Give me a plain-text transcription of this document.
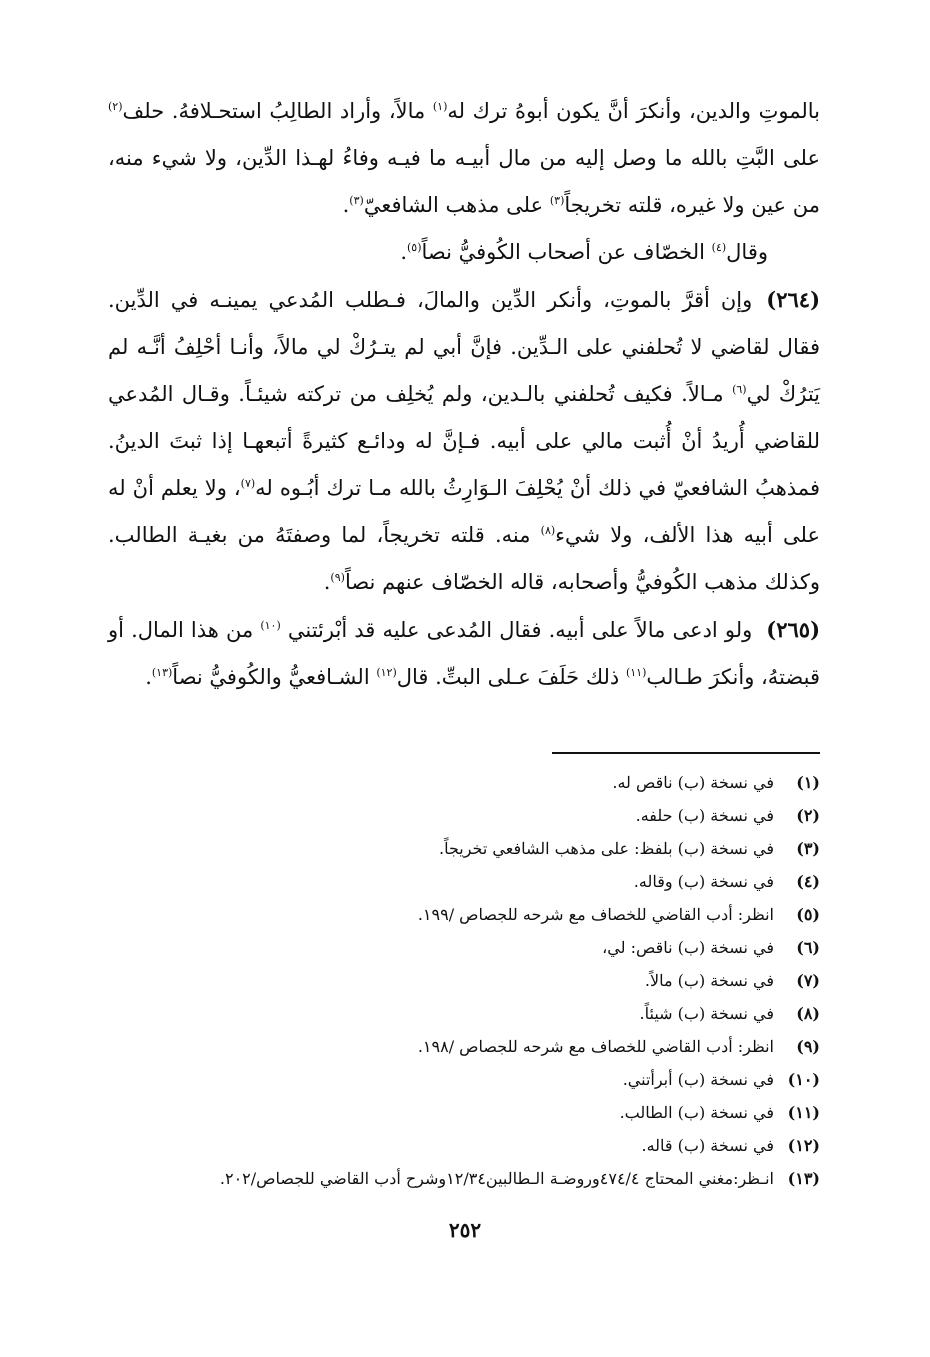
بالموتِ والدين، وأنكرَ أنَّ يكون أبوهُ ترك له$^{(١)}$ مالاً، وأراد الطالِبُ استحـلافهُ. حلف$^{(٢)}$ على البَّتِ بالله ما وصل إليه من مال أبيـه ما فيـه وفاءُ لهـذا الدِّين، ولا شيء منه، من عين ولا غيره، قلته تخريجاً$^{(٣)}$ على مذهب الشافعيّ$^{(٣)}$.

وقال$^{(٤)}$ الخصّاف عن أصحاب الكُوفيُّ نصاً$^{(٥)}$.

(٢٦٤)وإن أقرَّ بالموتِ، وأنكر الدِّين والمالَ، فـطلب المُدعي يمينـه في الدِّين. فقال لقاضي لا تُحلفني على الـدِّين. فإنَّ أبي لم يتـرُكْ لي مالاً، وأنـا أحْلِفُ أنَّـه لم يَترُكْ لي$^{(٦)}$ مـالاً. فكيف تُحلفني بالـدين، ولم يُخلِف من تركته شيئـاً. وقـال المُدعي للقاضي أُريدُ أنْ أُثبت مالي على أبيه. فـإنَّ له ودائـع كثيرةً أتبعهـا إذا ثبتَ الدينُ. فمذهبُ الشافعيّ في ذلك أنْ يُحْلِفَ الـوَارِثُ بالله مـا ترك أبُـوه له$^{(٧)}$، ولا يعلم أنْ له على أبيه هذا الألف، ولا شيء$^{(٨)}$ منه. قلته تخريجاً، لما وصفتَهُ من بغيـة الطالب. وكذلك مذهب الكُوفيُّ وأصحابه، قاله الخصّاف عنهم نصاً$^{(٩)}$.

(٢٦٥)ولو ادعى مالاً على أبيه. فقال المُدعى عليه قد أبْرئتني $^{(١٠)}$ من هذا المال. أو قبضتهُ، وأنكرَ طـالب$^{(١١)}$ ذلك حَلَفَ عـلى البتِّ. قال$^{(١٢)}$ الشـافعيُّ والكُوفيُّ نصاً$^{(١٣)}$.

(١)في نسخة (ب) ناقص له.
(٢)في نسخة (ب) حلفه.
(٣)في نسخة (ب) بلفظ: على مذهب الشافعي تخريجاً.
(٤)في نسخة (ب) وقاله.
(٥)انظر: أدب القاضي للخصاف مع شرحه للجصاص /١٩٩.
(٦)في نسخة (ب) ناقص: لي،
(٧)في نسخة (ب) مالاً.
(٨)في نسخة (ب) شيئاً.
(٩)انظر: أدب القاضي للخصاف مع شرحه للجصاص /١٩٨.
(١٠)في نسخة (ب) أبرأتني.
(١١)في نسخة (ب) الطالب.
(١٢)في نسخة (ب) قاله.
(١٣)انـظر:مغني المحتاج ٤٧٤/٤وروضـة الـطالبين١٢/٣٤وشرح أدب القاضي للجصاص/٢٠٢.
٢٥٢
